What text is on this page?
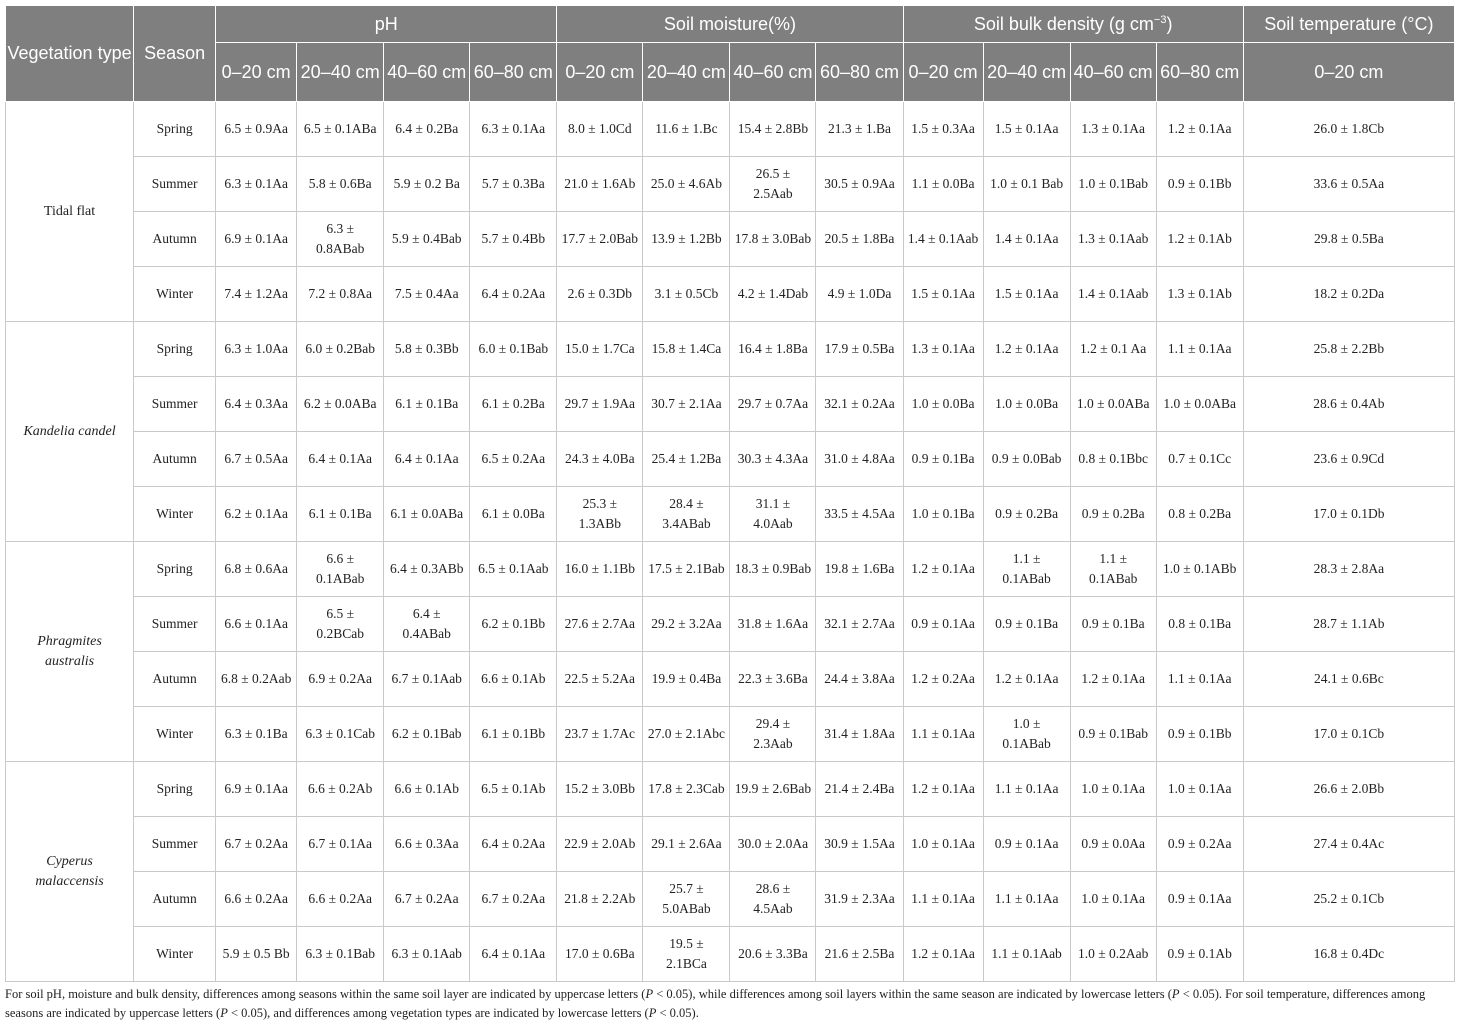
Vegetation type	Season	pH				Soil moisture(%)				Soil bulk density (g $cm^{-3}$)				Soil temperature (°C)
		0–20 cm	20–40 cm	40–60 cm	60–80 cm	0–20 cm	20–40 cm	40–60 cm	60–80 cm	0–20 cm	20–40 cm	40–60 cm	60–80 cm	0–20 cm
Tidal flat	Spring	6.5 ± 0.9Aa	6.5 ± 0.1ABa	6.4 ± 0.2Ba	6.3 ± 0.1Aa	8.0 ± 1.0Cd	11.6 ± 1.Bc	15.4 ± 2.8Bb	21.3 ± 1.Ba	1.5 ± 0.3Aa	1.5 ± 0.1Aa	1.3 ± 0.1Aa	1.2 ± 0.1Aa	26.0 ± 1.8Cb
	Summer	6.3 ± 0.1Aa	5.8 ± 0.6Ba	5.9 ± 0.2 Ba	5.7 ± 0.3Ba	21.0 ± 1.6Ab	25.0 ± 4.6Ab	26.5 ± 2.5Aab	30.5 ± 0.9Aa	1.1 ± 0.0Ba	1.0 ± 0.1 Bab	1.0 ± 0.1Bab	0.9 ± 0.1Bb	33.6 ± 0.5Aa
	Autumn	6.9 ± 0.1Aa	6.3 ± 0.8ABab	5.9 ± 0.4Bab	5.7 ± 0.4Bb	17.7 ± 2.0Bab	13.9 ± 1.2Bb	17.8 ± 3.0Bab	20.5 ± 1.8Ba	1.4 ± 0.1Aab	1.4 ± 0.1Aa	1.3 ± 0.1Aab	1.2 ± 0.1Ab	29.8 ± 0.5Ba
	Winter	7.4 ± 1.2Aa	7.2 ± 0.8Aa	7.5 ± 0.4Aa	6.4 ± 0.2Aa	2.6 ± 0.3Db	3.1 ± 0.5Cb	4.2 ± 1.4Dab	4.9 ± 1.0Da	1.5 ± 0.1Aa	1.5 ± 0.1Aa	1.4 ± 0.1Aab	1.3 ± 0.1Ab	18.2 ± 0.2Da
Kandelia candel	Spring	6.3 ± 1.0Aa	6.0 ± 0.2Bab	5.8 ± 0.3Bb	6.0 ± 0.1Bab	15.0 ± 1.7Ca	15.8 ± 1.4Ca	16.4 ± 1.8Ba	17.9 ± 0.5Ba	1.3 ± 0.1Aa	1.2 ± 0.1Aa	1.2 ± 0.1 Aa	1.1 ± 0.1Aa	25.8 ± 2.2Bb
	Summer	6.4 ± 0.3Aa	6.2 ± 0.0ABa	6.1 ± 0.1Ba	6.1 ± 0.2Ba	29.7 ± 1.9Aa	30.7 ± 2.1Aa	29.7 ± 0.7Aa	32.1 ± 0.2Aa	1.0 ± 0.0Ba	1.0 ± 0.0Ba	1.0 ± 0.0ABa	1.0 ± 0.0ABa	28.6 ± 0.4Ab
	Autumn	6.7 ± 0.5Aa	6.4 ± 0.1Aa	6.4 ± 0.1Aa	6.5 ± 0.2Aa	24.3 ± 4.0Ba	25.4 ± 1.2Ba	30.3 ± 4.3Aa	31.0 ± 4.8Aa	0.9 ± 0.1Ba	0.9 ± 0.0Bab	0.8 ± 0.1Bbc	0.7 ± 0.1Cc	23.6 ± 0.9Cd
	Winter	6.2 ± 0.1Aa	6.1 ± 0.1Ba	6.1 ± 0.0ABa	6.1 ± 0.0Ba	25.3 ± 1.3ABb	28.4 ± 3.4ABab	31.1 ± 4.0Aab	33.5 ± 4.5Aa	1.0 ± 0.1Ba	0.9 ± 0.2Ba	0.9 ± 0.2Ba	0.8 ± 0.2Ba	17.0 ± 0.1Db
Phragmites australis	Spring	6.8 ± 0.6Aa	6.6 ± 0.1ABab	6.4 ± 0.3ABb	6.5 ± 0.1Aab	16.0 ± 1.1Bb	17.5 ± 2.1Bab	18.3 ± 0.9Bab	19.8 ± 1.6Ba	1.2 ± 0.1Aa	1.1 ± 0.1ABab	1.1 ± 0.1ABab	1.0 ± 0.1ABb	28.3 ± 2.8Aa
	Summer	6.6 ± 0.1Aa	6.5 ± 0.2BCab	6.4 ± 0.4ABab	6.2 ± 0.1Bb	27.6 ± 2.7Aa	29.2 ± 3.2Aa	31.8 ± 1.6Aa	32.1 ± 2.7Aa	0.9 ± 0.1Aa	0.9 ± 0.1Ba	0.9 ± 0.1Ba	0.8 ± 0.1Ba	28.7 ± 1.1Ab
	Autumn	6.8 ± 0.2Aab	6.9 ± 0.2Aa	6.7 ± 0.1Aab	6.6 ± 0.1Ab	22.5 ± 5.2Aa	19.9 ± 0.4Ba	22.3 ± 3.6Ba	24.4 ± 3.8Aa	1.2 ± 0.2Aa	1.2 ± 0.1Aa	1.2 ± 0.1Aa	1.1 ± 0.1Aa	24.1 ± 0.6Bc
	Winter	6.3 ± 0.1Ba	6.3 ± 0.1Cab	6.2 ± 0.1Bab	6.1 ± 0.1Bb	23.7 ± 1.7Ac	27.0 ± 2.1Abc	29.4 ± 2.3Aab	31.4 ± 1.8Aa	1.1 ± 0.1Aa	1.0 ± 0.1ABab	0.9 ± 0.1Bab	0.9 ± 0.1Bb	17.0 ± 0.1Cb
Cyperus malaccensis	Spring	6.9 ± 0.1Aa	6.6 ± 0.2Ab	6.6 ± 0.1Ab	6.5 ± 0.1Ab	15.2 ± 3.0Bb	17.8 ± 2.3Cab	19.9 ± 2.6Bab	21.4 ± 2.4Ba	1.2 ± 0.1Aa	1.1 ± 0.1Aa	1.0 ± 0.1Aa	1.0 ± 0.1Aa	26.6 ± 2.0Bb
	Summer	6.7 ± 0.2Aa	6.7 ± 0.1Aa	6.6 ± 0.3Aa	6.4 ± 0.2Aa	22.9 ± 2.0Ab	29.1 ± 2.6Aa	30.0 ± 2.0Aa	30.9 ± 1.5Aa	1.0 ± 0.1Aa	0.9 ± 0.1Aa	0.9 ± 0.0Aa	0.9 ± 0.2Aa	27.4 ± 0.4Ac
	Autumn	6.6 ± 0.2Aa	6.6 ± 0.2Aa	6.7 ± 0.2Aa	6.7 ± 0.2Aa	21.8 ± 2.2Ab	25.7 ± 5.0ABab	28.6 ± 4.5Aab	31.9 ± 2.3Aa	1.1 ± 0.1Aa	1.1 ± 0.1Aa	1.0 ± 0.1Aa	0.9 ± 0.1Aa	25.2 ± 0.1Cb
	Winter	5.9 ± 0.5 Bb	6.3 ± 0.1Bab	6.3 ± 0.1Aab	6.4 ± 0.1Aa	17.0 ± 0.6Ba	19.5 ± 2.1BCa	20.6 ± 3.3Ba	21.6 ± 2.5Ba	1.2 ± 0.1Aa	1.1 ± 0.1Aab	1.0 ± 0.2Aab	0.9 ± 0.1Ab	16.8 ± 0.4Dc
For soil pH, moisture and bulk density, differences among seasons within the same soil layer are indicated by uppercase letters (P < 0.05), while differences among soil layers within the same season are indicated by lowercase letters (P < 0.05). For soil temperature, differences among seasons are indicated by uppercase letters (P < 0.05), and differences among vegetation types are indicated by lowercase letters (P < 0.05).
